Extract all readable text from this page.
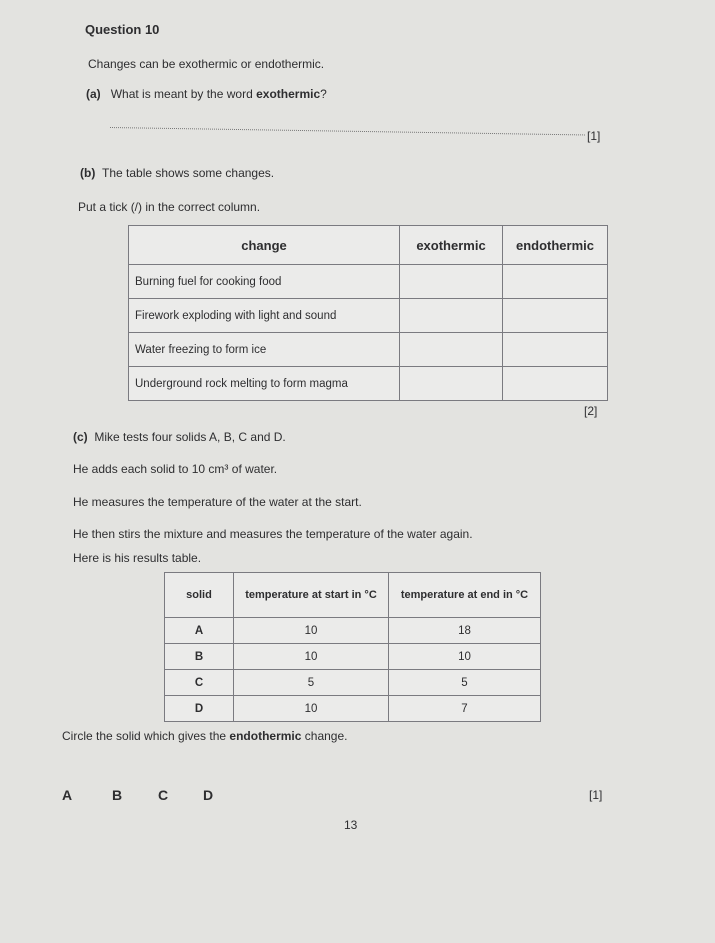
Question 10
Changes can be exothermic or endothermic.
(a) What is meant by the word exothermic?
[1]
(b) The table shows some changes.
Put a tick (/) in the correct column.
change	exothermic	endothermic
Burning fuel for cooking food		
Firework exploding with light and sound		
Water freezing to form ice		
Underground rock melting to form magma		
[2]
(c) Mike tests four solids A, B, C and D.
He adds each solid to 10 cm³ of water.
He measures the temperature of the water at the start.
He then stirs the mixture and measures the temperature of the water again.
Here is his results table.
solid	temperature at start in °C	temperature at end in °C
A	10	18
B	10	10
C	5	5
D	10	7
Circle the solid which gives the endothermic change.
A	B	C D	[1]
13
